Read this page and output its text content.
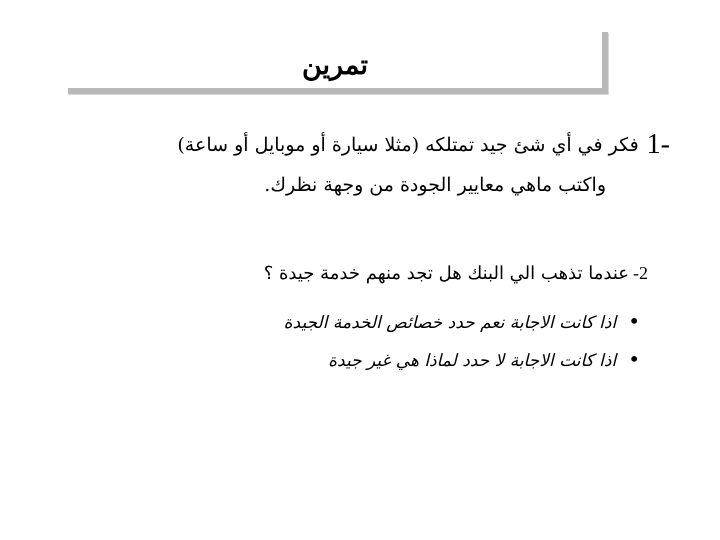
تمرين
1-فكر في أي شئ جيد تمتلكه (مثلا سيارة أو موبايل أو ساعة)
واكتب ماهي معايير الجودة من وجهة نظرك.
-2عندما تذهب الي البنك هل تجد منهم خدمة جيدة ؟
•اذا كانت الاجابة نعم حدد خصائص الخدمة الجيدة
•اذا كانت الاجابة لا حدد لماذا هي غير جيدة
